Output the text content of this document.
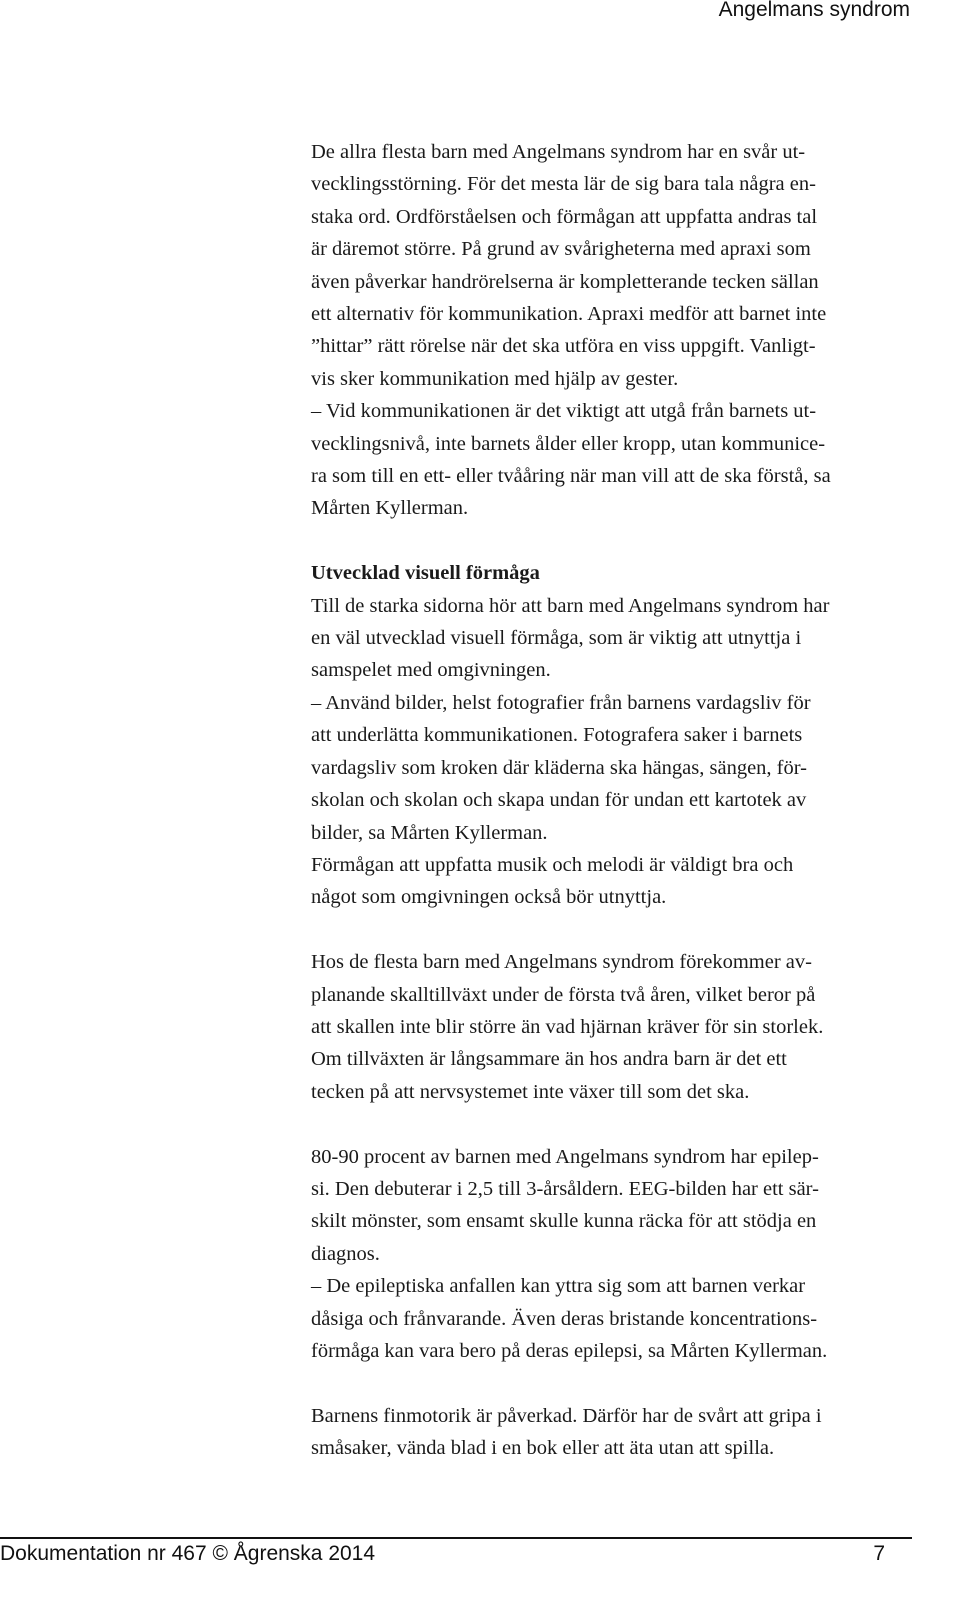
Angelmans syndrom
De allra flesta barn med Angelmans syndrom har en svår ut-
vecklingsstörning. För det mesta lär de sig bara tala några en-
staka ord. Ordförståelsen och förmågan att uppfatta andras tal
är däremot större. På grund av svårigheterna med apraxi som
även påverkar handrörelserna är kompletterande tecken sällan
ett alternativ för kommunikation. Apraxi medför att barnet inte
”hittar” rätt rörelse när det ska utföra en viss uppgift. Vanligt-
vis sker kommunikation med hjälp av gester.
– Vid kommunikationen är det viktigt att utgå från barnets ut-
vecklingsnivå, inte barnets ålder eller kropp, utan kommunice-
ra som till en ett- eller tvååring när man vill att de ska förstå, sa
Mårten Kyllerman.
Utvecklad visuell förmåga
Till de starka sidorna hör att barn med Angelmans syndrom har
en väl utvecklad visuell förmåga, som är viktig att utnyttja i
samspelet med omgivningen.
– Använd bilder, helst fotografier från barnens vardagsliv för
att underlätta kommunikationen. Fotografera saker i barnets
vardagsliv som kroken där kläderna ska hängas, sängen, för-
skolan och skolan och skapa undan för undan ett kartotek av
bilder, sa Mårten Kyllerman.
Förmågan att uppfatta musik och melodi är väldigt bra och
något som omgivningen också bör utnyttja.
Hos de flesta barn med Angelmans syndrom förekommer av-
planande skalltillväxt under de första två åren, vilket beror på
att skallen inte blir större än vad hjärnan kräver för sin storlek.
Om tillväxten är långsammare än hos andra barn är det ett
tecken på att nervsystemet inte växer till som det ska.
80-90 procent av barnen med Angelmans syndrom har epilep-
si. Den debuterar i 2,5 till 3-årsåldern. EEG-bilden har ett sär-
skilt mönster, som ensamt skulle kunna räcka för att stödja en
diagnos.
– De epileptiska anfallen kan yttra sig som att barnen verkar
dåsiga och frånvarande. Även deras bristande koncentrations-
förmåga kan vara bero på deras epilepsi, sa Mårten Kyllerman.
Barnens finmotorik är påverkad. Därför har de svårt att gripa i
småsaker, vända blad i en bok eller att äta utan att spilla.
Dokumentation nr 467 © Ågrenska 2014	7
